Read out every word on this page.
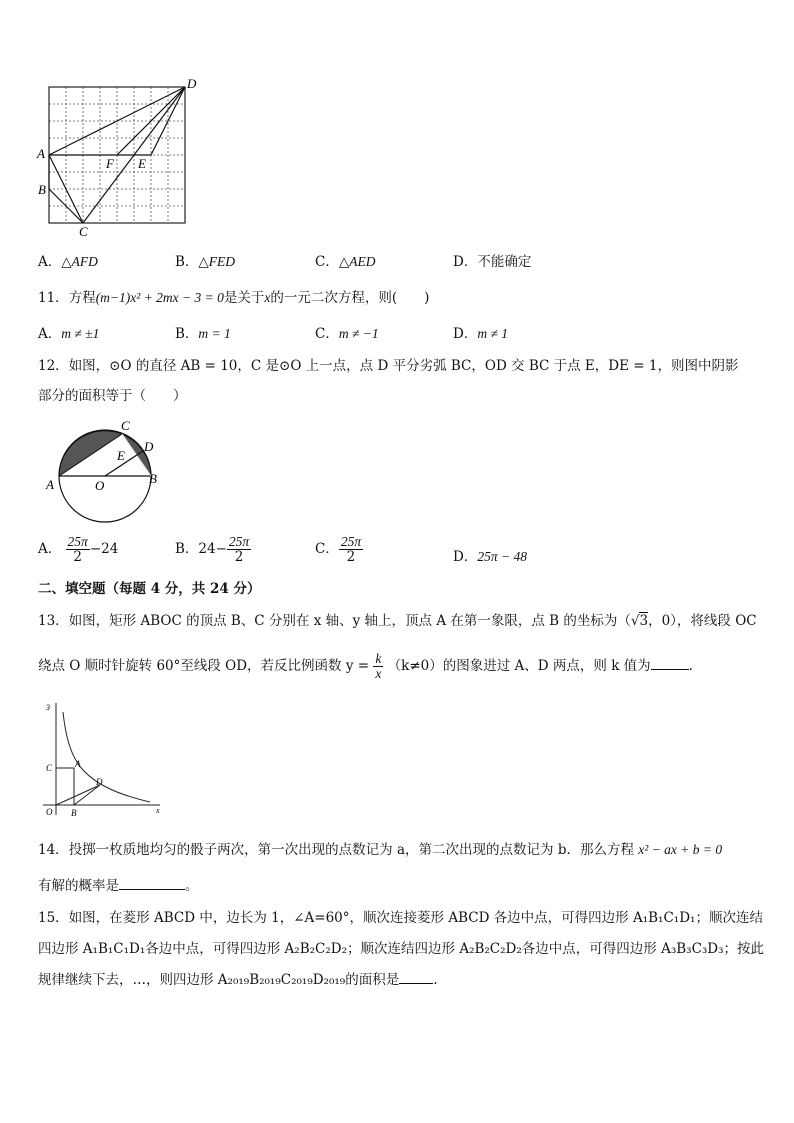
D
A
F E
B
C
A．△AFD	B．△FED	C．△AED	D．不能确定
11．方程(m−1)x² + 2mx − 3 = 0是关于x的一元二次方程，则(　　)
A．m ≠ ±1	B．m = 1	C．m ≠ −1	D．m ≠ 1
12．如图，⊙O 的直径 AB = 10，C 是⊙O 上一点，点 D 平分劣弧 BC，OD 交 BC 于点 E，DE = 1，则图中阴影
部分的面积等于（　　）
C
D
E
A	O	B
A． $\frac{25\pi}{2} -24$	B．$24- \frac{25\pi}{2}$	C． $\frac{25\pi}{2}$	D．25π − 48
二、填空题（每题 4 分，共 24 分）
13．如图，矩形 ABOC 的顶点 B、C 分别在 x 轴、y 轴上，顶点 A 在第一象限，点 B 的坐标为（√3，0），将线段 OC
绕点 O 顺时针旋转 60°至线段 OD，若反比例函数 $y = \frac{k}{x} (k\ne 0)$的图象进过 A、D 两点，则 k 值为	.
3
C	A
D
O B	x
14．投掷一枚质地均匀的骰子两次，第一次出现的点数记为 a，第二次出现的点数记为 b．那么方程 x² − ax + b = 0
有解的概率是	。
15．如图，在菱形 ABCD 中，边长为 1，∠A=60°，顺次连接菱形 ABCD 各边中点，可得四边形 A₁B₁C₁D₁；顺次连结
四边形 A₁B₁C₁D₁各边中点，可得四边形 A₂B₂C₂D₂；顺次连结四边形 A₂B₂C₂D₂各边中点，可得四边形 A₃B₃C₃D₃；按此
规律继续下去，…，则四边形 A₂₀₁₉B₂₀₁₉C₂₀₁₉D₂₀₁₉的面积是	.
